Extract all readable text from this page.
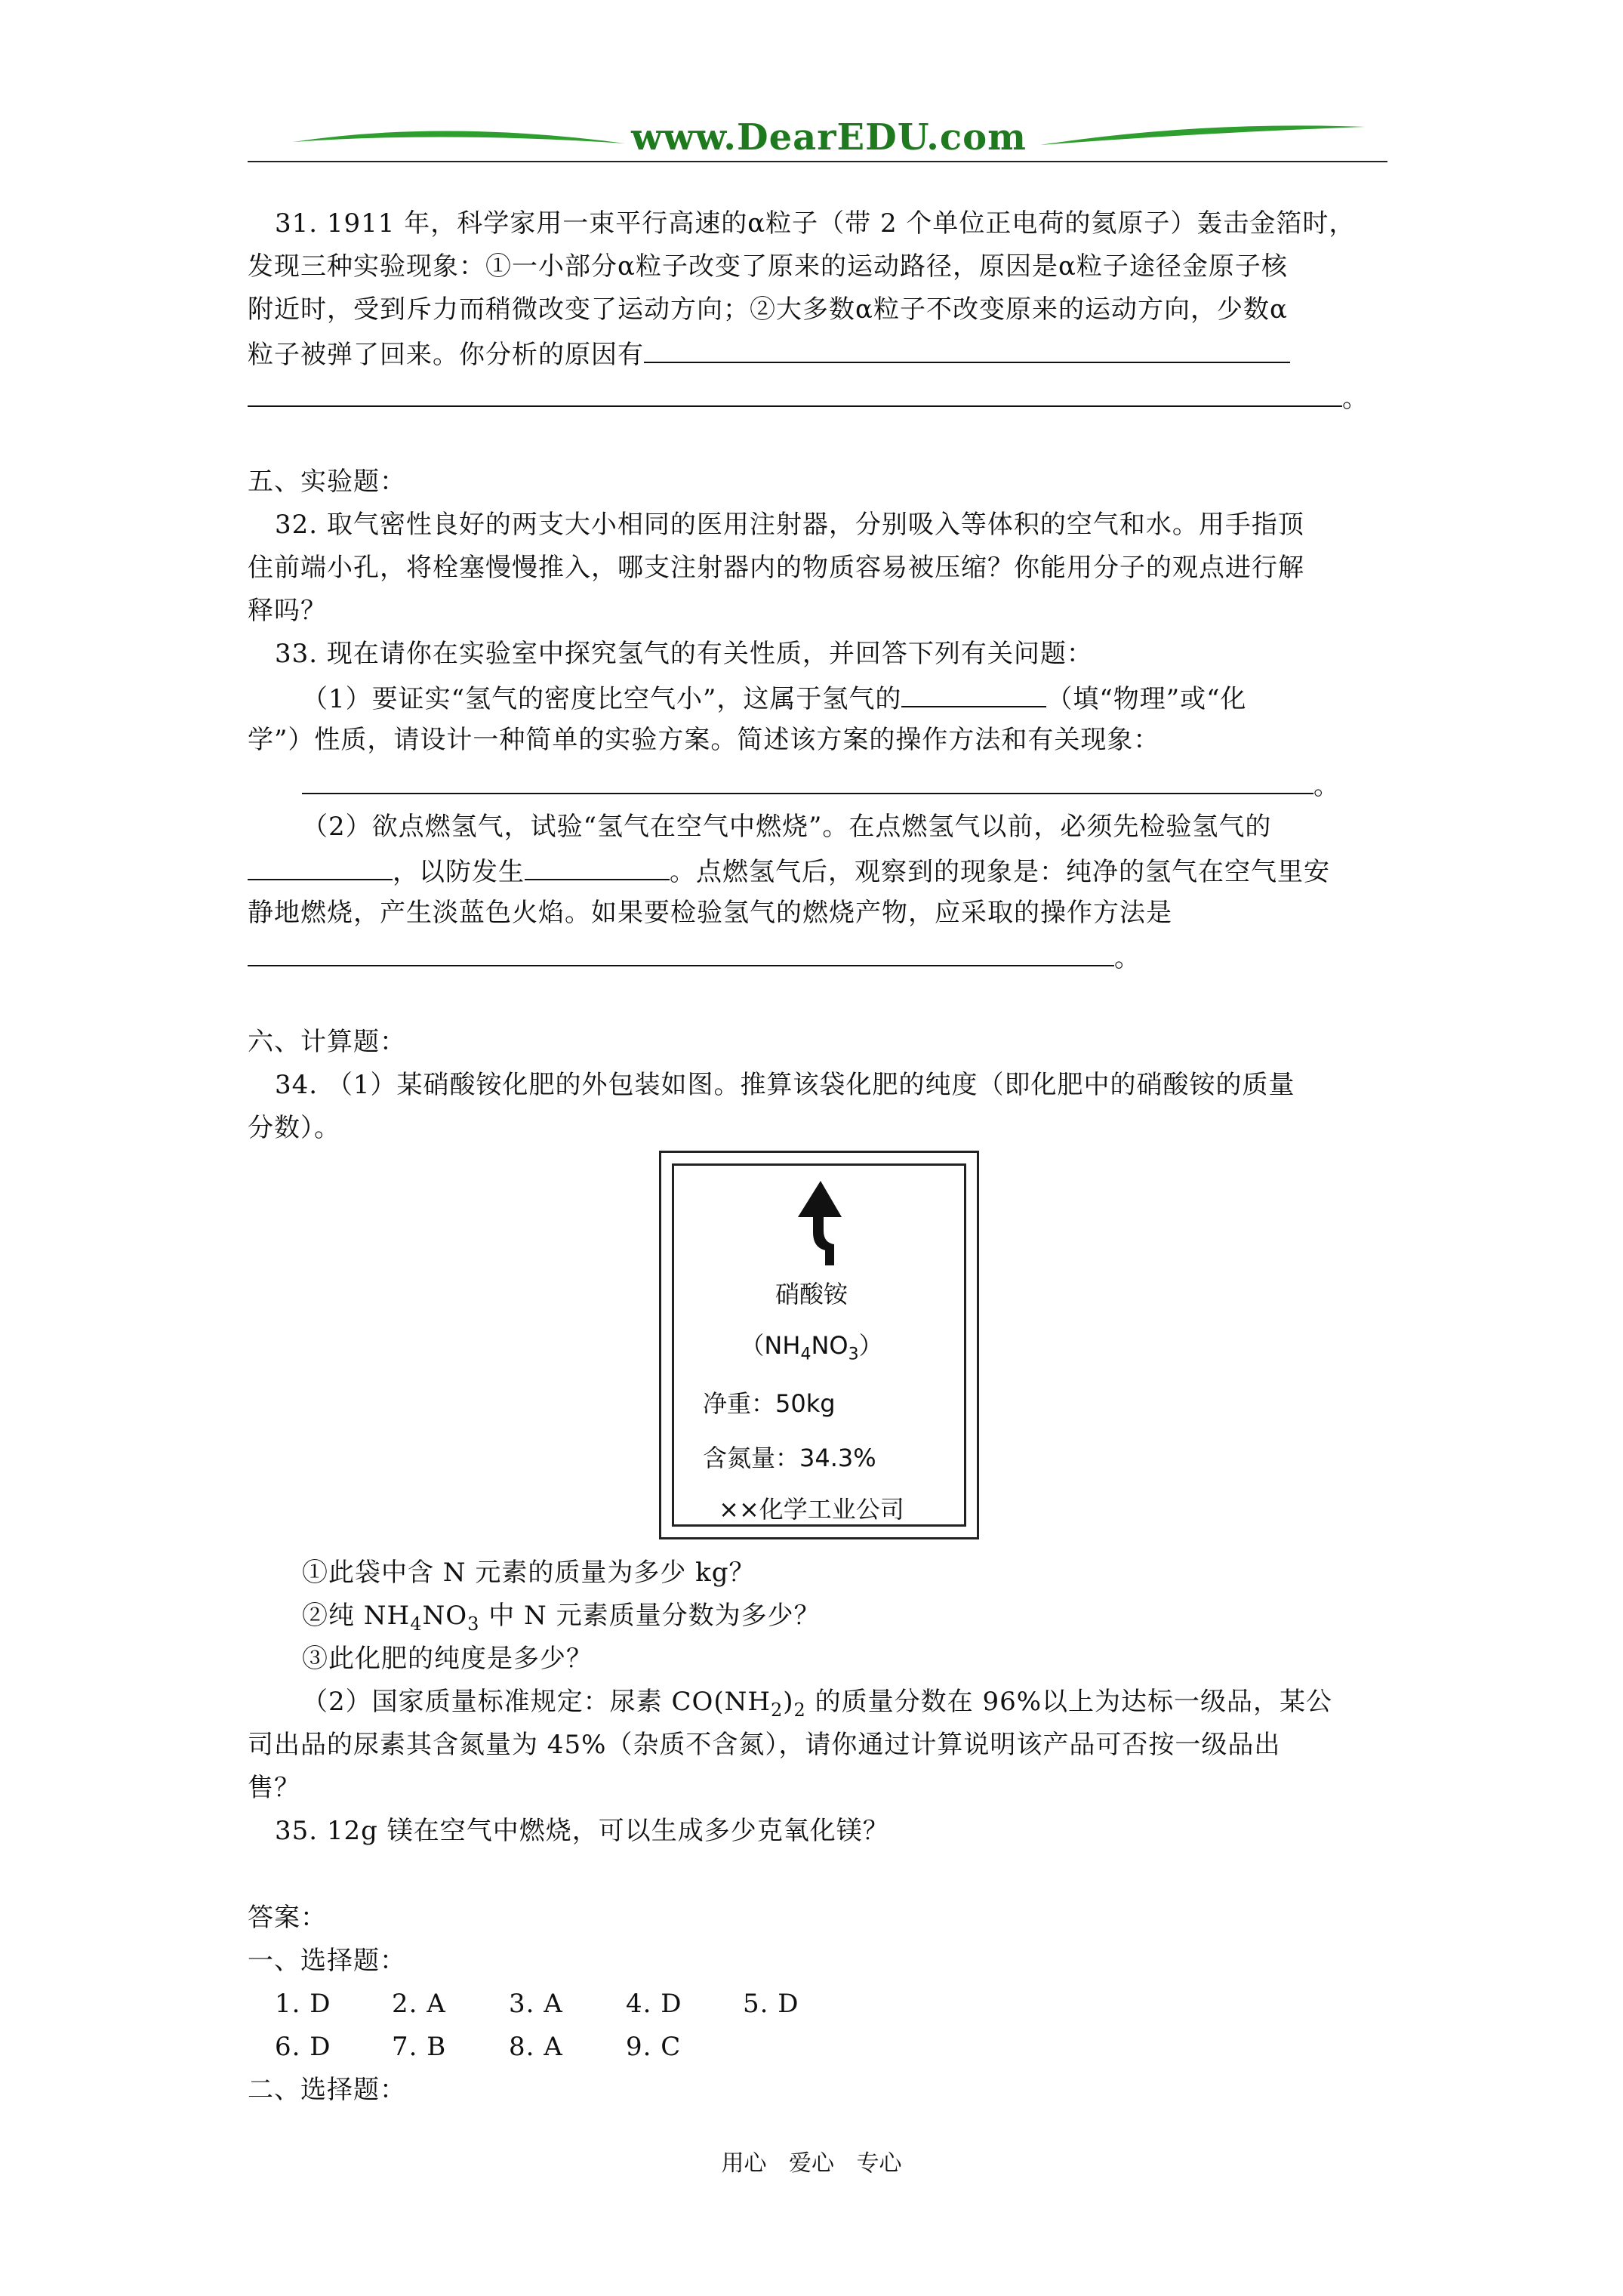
www.DearEDU.com
31. 1911 年，科学家用一束平行高速的α粒子（带 2 个单位正电荷的氦原子）轰击金箔时，
发现三种实验现象：①一小部分α粒子改变了原来的运动路径，原因是α粒子途径金原子核
附近时，受到斥力而稍微改变了运动方向；②大多数α粒子不改变原来的运动方向，少数α
粒子被弹了回来。你分析的原因有
。
五、实验题：
32. 取气密性良好的两支大小相同的医用注射器，分别吸入等体积的空气和水。用手指顶
住前端小孔，将栓塞慢慢推入，哪支注射器内的物质容易被压缩？你能用分子的观点进行解
释吗？
33. 现在请你在实验室中探究氢气的有关性质，并回答下列有关问题：
（1）要证实“氢气的密度比空气小”，这属于氢气的	（填“物理”或“化
学”）性质，请设计一种简单的实验方案。简述该方案的操作方法和有关现象：
。
（2）欲点燃氢气，试验“氢气在空气中燃烧”。在点燃氢气以前，必须先检验氢气的
，以防发生	。点燃氢气后，观察到的现象是：纯净的氢气在空气里安
静地燃烧，产生淡蓝色火焰。如果要检验氢气的燃烧产物，应采取的操作方法是
。
六、计算题：
34. （1）某硝酸铵化肥的外包装如图。推算该袋化肥的纯度（即化肥中的硝酸铵的质量
分数）。
硝酸铵
$(NH_4NO_3)$
净重：50kg
含氮量：34.3%
××化学工业公司
①此袋中含 N 元素的质量为多少 kg？
②纯 $NH_4NO_3$ 中 N 元素质量分数为多少？
③此化肥的纯度是多少？
（2）国家质量标准规定：尿素 $CO(NH_2)_2$ 的质量分数在 96%以上为达标一级品，某公
司出品的尿素其含氮量为 45%（杂质不含氮），请你通过计算说明该产品可否按一级品出
售？
35. 12g 镁在空气中燃烧，可以生成多少克氧化镁？
答案：
一、选择题：
1. D 2. A 3. A 4. D 5. D
6. D 7. B 8. A 9. C
二、选择题：
用心 爱心 专心
